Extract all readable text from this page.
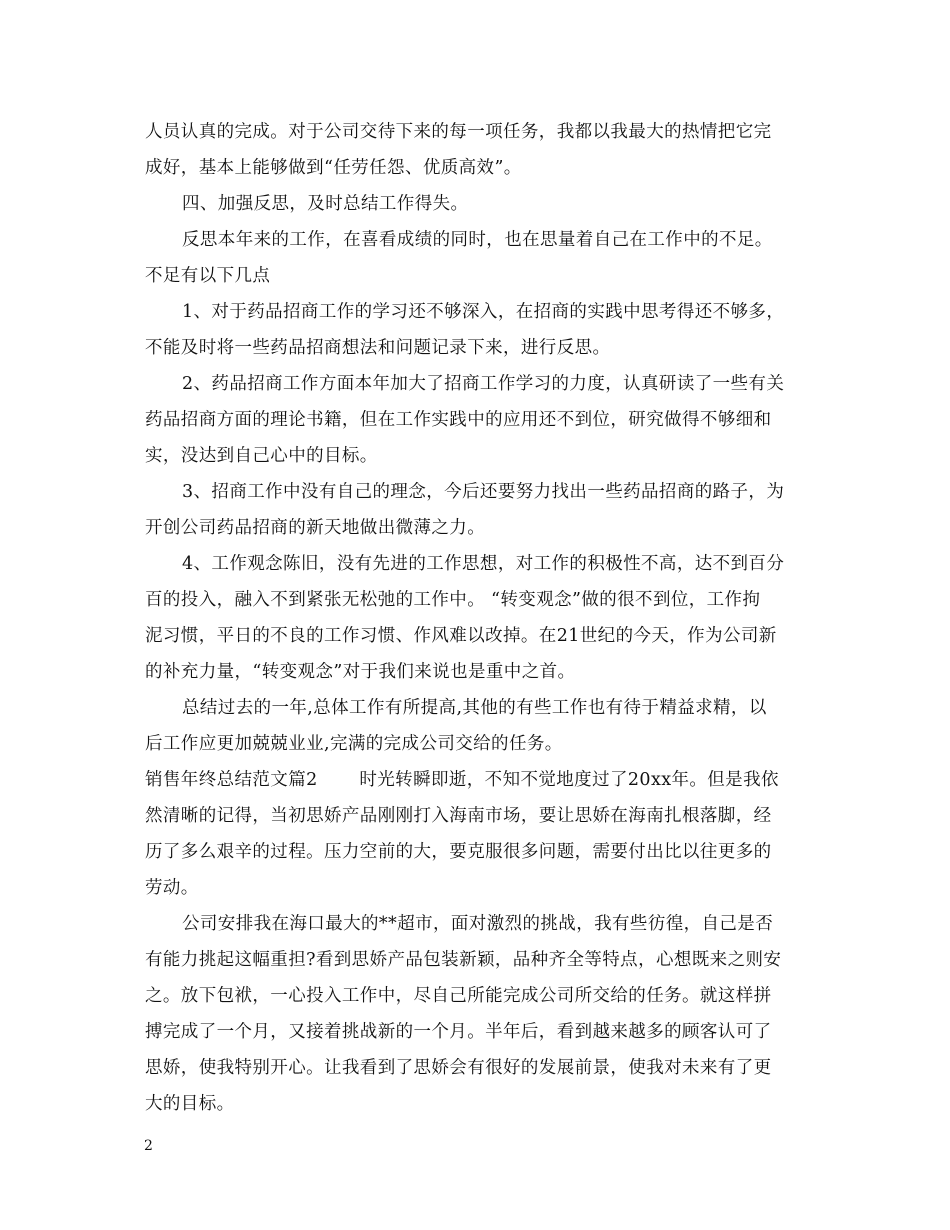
人员认真的完成。对于公司交待下来的每一项任务，我都以我最大的热情把它完
成好，基本上能够做到“任劳任怨、优质高效”。
四、加强反思，及时总结工作得失。
反思本年来的工作，在喜看成绩的同时，也在思量着自己在工作中的不足。
不足有以下几点
1、对于药品招商工作的学习还不够深入，在招商的实践中思考得还不够多，
不能及时将一些药品招商想法和问题记录下来，进行反思。
2、药品招商工作方面本年加大了招商工作学习的力度，认真研读了一些有关
药品招商方面的理论书籍，但在工作实践中的应用还不到位，研究做得不够细和
实，没达到自己心中的目标。
3、招商工作中没有自己的理念，今后还要努力找出一些药品招商的路子，为
开创公司药品招商的新天地做出微薄之力。
4、工作观念陈旧，没有先进的工作思想，对工作的积极性不高，达不到百分
百的投入，融入不到紧张无松弛的工作中。 “转变观念”做的很不到位，工作拘
泥习惯，平日的不良的工作习惯、作风难以改掉。在21世纪的今天，作为公司新
的补充力量，“转变观念”对于我们来说也是重中之首。
总结过去的一年,总体工作有所提高,其他的有些工作也有待于精益求精，以
后工作应更加兢兢业业,完满的完成公司交给的任务。
销售年终总结范文篇2       时光转瞬即逝，不知不觉地度过了20xx年。但是我依
然清晰的记得，当初思娇产品刚刚打入海南市场，要让思娇在海南扎根落脚，经
历了多么艰辛的过程。压力空前的大，要克服很多问题，需要付出比以往更多的
劳动。
公司安排我在海口最大的**超市，面对激烈的挑战，我有些彷徨，自己是否
有能力挑起这幅重担?看到思娇产品包装新颖，品种齐全等特点，心想既来之则安
之。放下包袱，一心投入工作中，尽自己所能完成公司所交给的任务。就这样拼
搏完成了一个月，又接着挑战新的一个月。半年后，看到越来越多的顾客认可了
思娇，使我特别开心。让我看到了思娇会有很好的发展前景，使我对未来有了更
大的目标。
2
